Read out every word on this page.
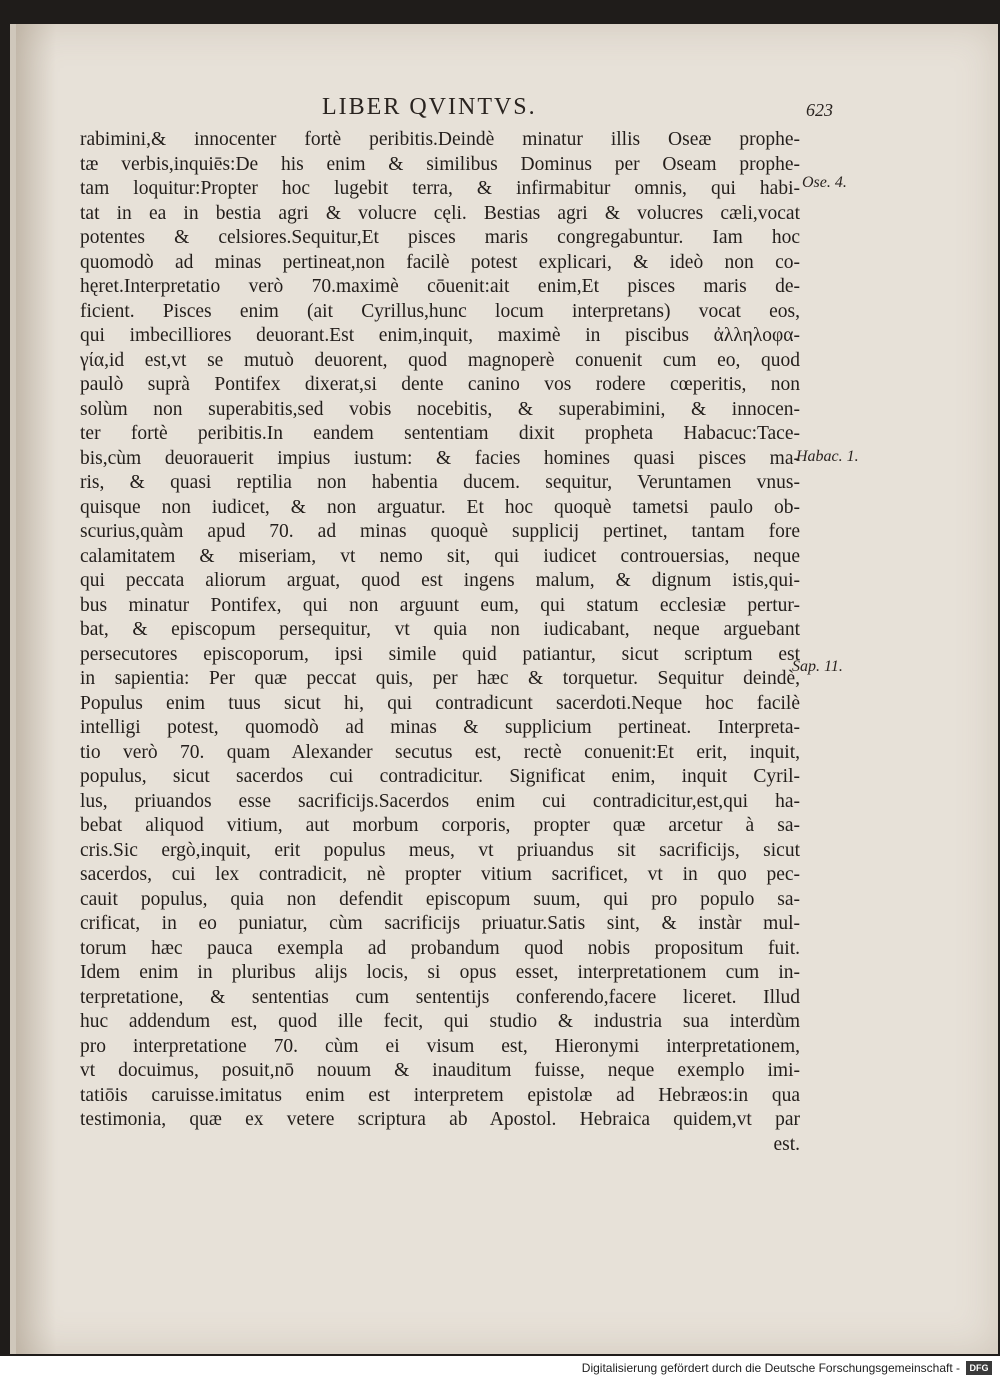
LIBER QVINTVS.	623
rabimini,& innocenter fortè peribitis.Deindè minatur illis Oseæ prophe-
tæ verbis,inquiēs:De his enim & similibus Dominus per Oseam prophe-
tam loquitur:Propter hoc lugebit terra, & infirmabitur omnis, qui habi-
tat in ea in bestia agri & volucre cęli. Bestias agri & volucres cæli,vocat
potentes & celsiores.Sequitur,Et pisces maris congregabuntur. Iam hoc
quomodò ad minas pertineat,non facilè potest explicari, & ideò non co-
hęret.Interpretatio verò 70.maximè cōuenit:ait enim,Et pisces maris de-
ficient. Pisces enim (ait Cyrillus,hunc locum interpretans) vocat eos,
qui imbecilliores deuorant.Est enim,inquit, maximè in piscibus ἀλληλοφα-
γία,id est,vt se mutuò deuorent, quod magnoperè conuenit cum eo, quod
paulò suprà Pontifex dixerat,si dente canino vos rodere cœperitis, non
solùm non superabitis,sed vobis nocebitis, & superabimini, & innocen-
ter fortè peribitis.In eandem sententiam dixit propheta Habacuc:Tace-
bis,cùm deuorauerit impius iustum: & facies homines quasi pisces ma-
ris, & quasi reptilia non habentia ducem. sequitur, Veruntamen vnus-
quisque non iudicet, & non arguatur. Et hoc quoquè tametsi paulo ob-
scurius,quàm apud 70. ad minas quoquè supplicij pertinet, tantam fore
calamitatem & miseriam, vt nemo sit, qui iudicet controuersias, neque
qui peccata aliorum arguat, quod est ingens malum, & dignum istis,qui-
bus minatur Pontifex, qui non arguunt eum, qui statum ecclesiæ pertur-
bat, & episcopum persequitur, vt quia non iudicabant, neque arguebant
persecutores episcoporum, ipsi simile quid patiantur, sicut scriptum est
in sapientia: Per quæ peccat quis, per hæc & torquetur. Sequitur deindè,
Populus enim tuus sicut hi, qui contradicunt sacerdoti.Neque hoc facilè
intelligi potest, quomodò ad minas & supplicium pertineat. Interpreta-
tio verò 70. quam Alexander secutus est, rectè conuenit:Et erit, inquit,
populus, sicut sacerdos cui contradicitur. Significat enim, inquit Cyril-
lus, priuandos esse sacrificijs.Sacerdos enim cui contradicitur,est,qui ha-
bebat aliquod vitium, aut morbum corporis, propter quæ arcetur à sa-
cris.Sic ergò,inquit, erit populus meus, vt priuandus sit sacrificijs, sicut
sacerdos, cui lex contradicit, nè propter vitium sacrificet, vt in quo pec-
cauit populus, quia non defendit episcopum suum, qui pro populo sa-
crificat, in eo puniatur, cùm sacrificijs priuatur.Satis sint, & instàr mul-
torum hæc pauca exempla ad probandum quod nobis propositum fuit.
Idem enim in pluribus alijs locis, si opus esset, interpretationem cum in-
terpretatione, & sententias cum sententijs conferendo,facere liceret. Illud
huc addendum est, quod ille fecit, qui studio & industria sua interdùm
pro interpretatione 70. cùm ei visum est, Hieronymi interpretationem,
vt docuimus, posuit,nō nouum & inauditum fuisse, neque exemplo imi-
tatiōis caruisse.imitatus enim est interpretem epistolæ ad Hebræos:in qua
testimonia, quæ ex vetere scriptura ab Apostol. Hebraica quidem,vt par
est.
Ose. 4.
Habac. 1.
Sap. 11.
Digitalisierung gefördert durch die Deutsche Forschungsgemeinschaft -	DFG
